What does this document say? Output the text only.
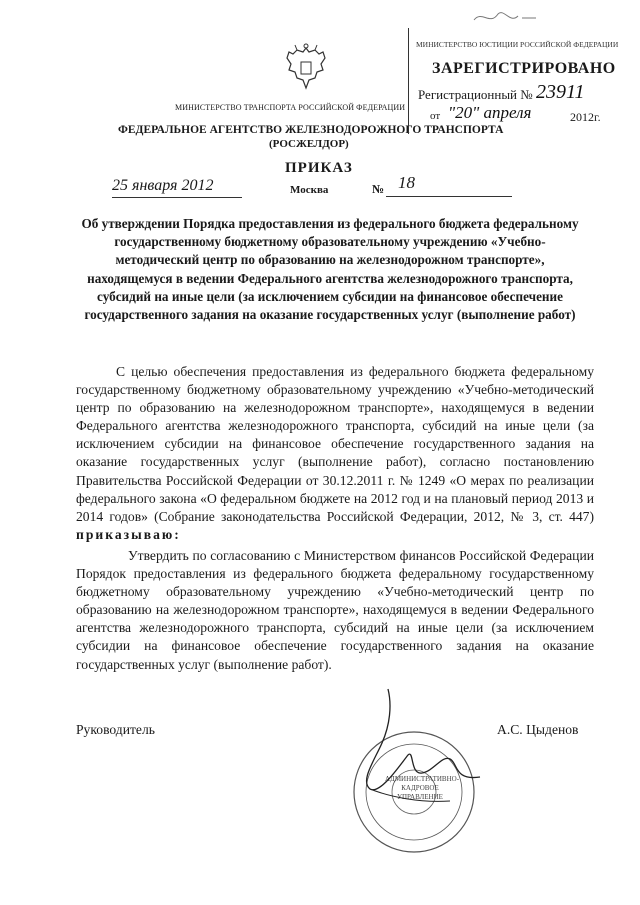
МИНИСТЕРСТВО ТРАНСПОРТА РОССИЙСКОЙ ФЕДЕРАЦИИ
ФЕДЕРАЛЬНОЕ АГЕНТСТВО ЖЕЛЕЗНОДОРОЖНОГО ТРАНСПОРТА
(РОСЖЕЛДОР)
МИНИСТЕРСТВО ЮСТИЦИИ РОССИЙСКОЙ ФЕДЕРАЦИИ
ЗАРЕГИСТРИРОВАНО
Регистрационный № 23911
от "20" апреля	2012г.
ПРИКАЗ
25 января 2012	Москва	№ 18
Об утверждении Порядка предоставления из федерального бюджета федеральному государственному бюджетному образовательному учреждению «Учебно-методический центр по образованию на железнодорожном транспорте», находящемуся в ведении Федерального агентства железнодорожного транспорта, субсидий на иные цели (за исключением субсидии на финансовое обеспечение государственного задания на оказание государственных услуг (выполнение работ)
С целью обеспечения предоставления из федерального бюджета федеральному государственному бюджетному образовательному учреждению «Учебно-методический центр по образованию на железнодорожном транспорте», находящемуся в ведении Федерального агентства железнодорожного транспорта, субсидий на иные цели (за исключением субсидии на финансовое обеспечение государственного задания на оказание государственных услуг (выполнение работ), согласно постановлению Правительства Российской Федерации от 30.12.2011 г. № 1249 «О мерах по реализации федерального закона «О федеральном бюджете на 2012 год и на плановый период 2013 и 2014 годов» (Собрание законодательства Российской Федерации, 2012, № 3, ст. 447) приказываю:
Утвердить по согласованию с Министерством финансов Российской Федерации Порядок предоставления из федерального бюджета федеральному государственному бюджетному образовательному учреждению «Учебно-методический центр по образованию на железнодорожном транспорте», находящемуся в ведении Федерального агентства железнодорожного транспорта, субсидий на иные цели (за исключением субсидии на финансовое обеспечение государственного задания на оказание государственных услуг (выполнение работ).
Руководитель	А.С. Цыденов
АДМИНИСТРАТИВНО-КАДРОВОЕ УПРАВЛЕНИЕ
